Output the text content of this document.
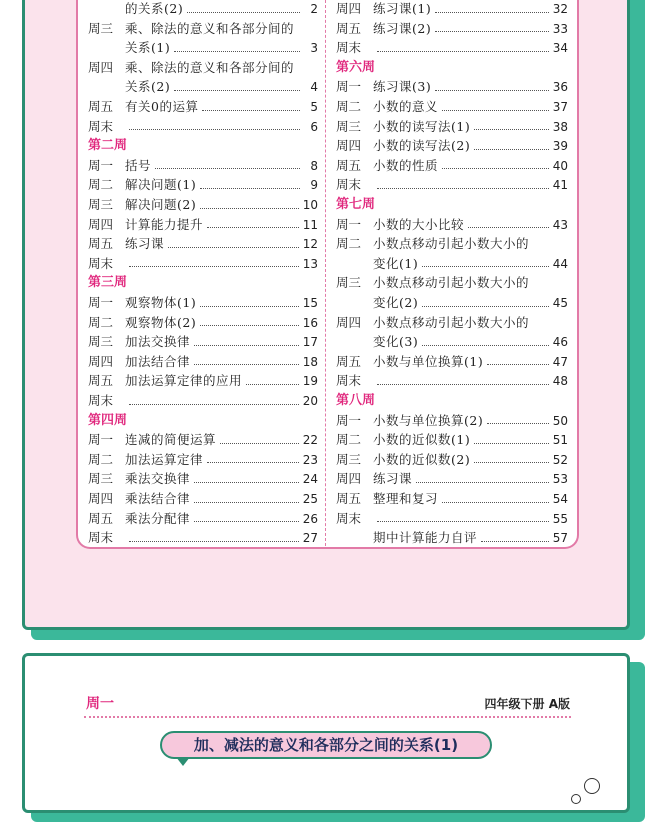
的关系(2)	2
周三 乘、除法的意义和各部分间的
关系(1)	3
周四 乘、除法的意义和各部分间的
关系(2)	4
周五 有关0的运算	5
周末	6
第二周
周一 括号	8
周二 解决问题(1)	9
周三 解决问题(2)	10
周四 计算能力提升	11
周五 练习课	12
周末	13
第三周
周一 观察物体(1)	15
周二 观察物体(2)	16
周三 加法交换律	17
周四 加法结合律	18
周五 加法运算定律的应用	19
周末	20
第四周
周一 连减的简便运算	22
周二 加法运算定律	23
周三 乘法交换律	24
周四 乘法结合律	25
周五 乘法分配律	26
周末	27
周四 练习课(1)	32
周五 练习课(2)	33
周末	34
第六周
周一 练习课(3)	36
周二 小数的意义	37
周三 小数的读写法(1)	38
周四 小数的读写法(2)	39
周五 小数的性质	40
周末	41
第七周
周一 小数的大小比较	43
周二 小数点移动引起小数大小的
变化(1)	44
周三 小数点移动引起小数大小的
变化(2)	45
周四 小数点移动引起小数大小的
变化(3)	46
周五 小数与单位换算(1)	47
周末	48
第八周
周一 小数与单位换算(2)	50
周二 小数的近似数(1)	51
周三 小数的近似数(2)	52
周四 练习课	53
周五 整理和复习	54
周末	55
期中计算能力自评	57
周一	四年级下册 A版
加、减法的意义和各部分之间的关系(1)
